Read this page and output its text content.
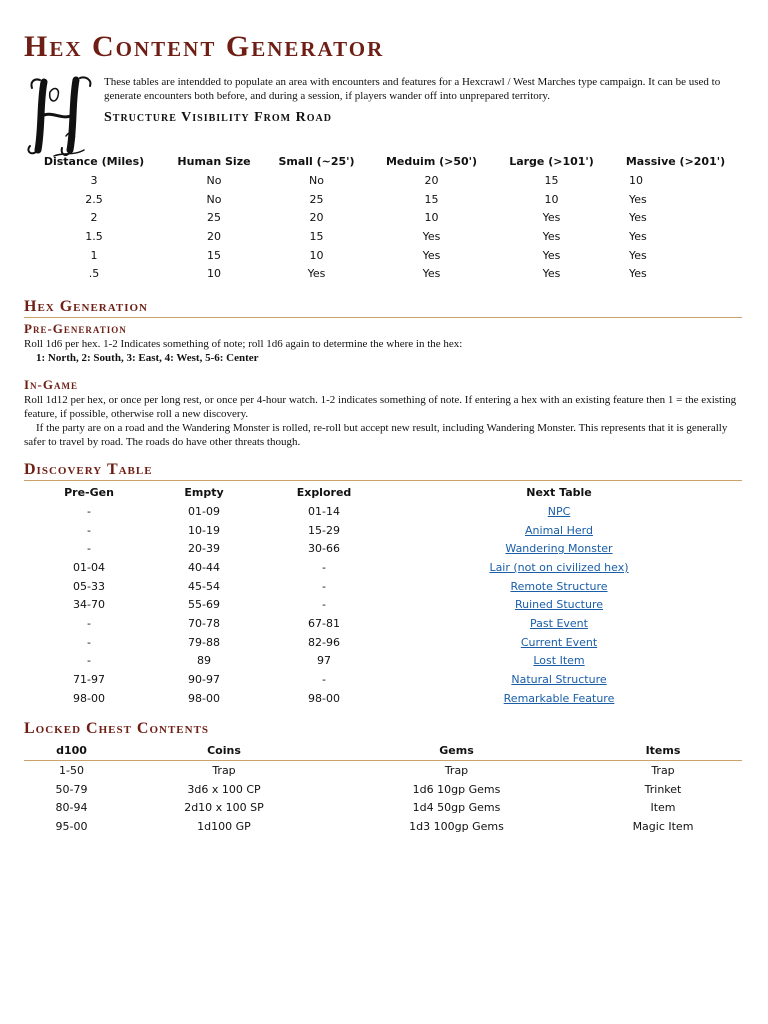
Hex Content Generator

These tables are intendded to populate an area with encounters and features for a Hexcrawl / West Marches type campaign. It can be used to generate encounters both before, and during a session, if players wander off into unprepared territory.

Structure Visibility From Road
Distance (Miles)	Human Size	Small (~25')	Meduim (>50')	Large (>101')	Massive (>201')
3	No	No	20	15	10
2.5	No	25	15	10	Yes
2	25	20	10	Yes	Yes
1.5	20	15	Yes	Yes	Yes
1	15	10	Yes	Yes	Yes
.5	10	Yes	Yes	Yes	Yes
Hex Generation
Pre-Generation

Roll 1d6 per hex. 1-2 Indicates something of note; roll 1d6 again to determine the where in the hex:

1: North, 2: South, 3: East, 4: West, 5-6: Center

In-Game

Roll 1d12 per hex, or once per long rest, or once per 4-hour watch. 1-2 indicates something of note. If entering a hex with an existing feature then 1 = the existing feature, if possible, otherwise roll a new discovery.

If the party are on a road and the Wandering Monster is rolled, re-roll but accept new result, including Wandering Monster. This represents that it is generally safer to travel by road. The roads do have other threats though.

Discovery Table
Pre-Gen	Empty	Explored	Next Table
-	01-09	01-14	NPC
-	10-19	15-29	Animal Herd
-	20-39	30-66	Wandering Monster
01-04	40-44	-	Lair (not on civilized hex)
05-33	45-54	-	Remote Structure
34-70	55-69	-	Ruined Stucture
-	70-78	67-81	Past Event
-	79-88	82-96	Current Event
-	89	97	Lost Item
71-97	90-97	-	Natural Structure
98-00	98-00	98-00	Remarkable Feature
Locked Chest Contents
d100	Coins	Gems	Items
1-50	Trap	Trap	Trap
50-79	3d6 x 100 CP	1d6 10gp Gems	Trinket
80-94	2d10 x 100 SP	1d4 50gp Gems	Item
95-00	1d100 GP	1d3 100gp Gems	Magic Item
